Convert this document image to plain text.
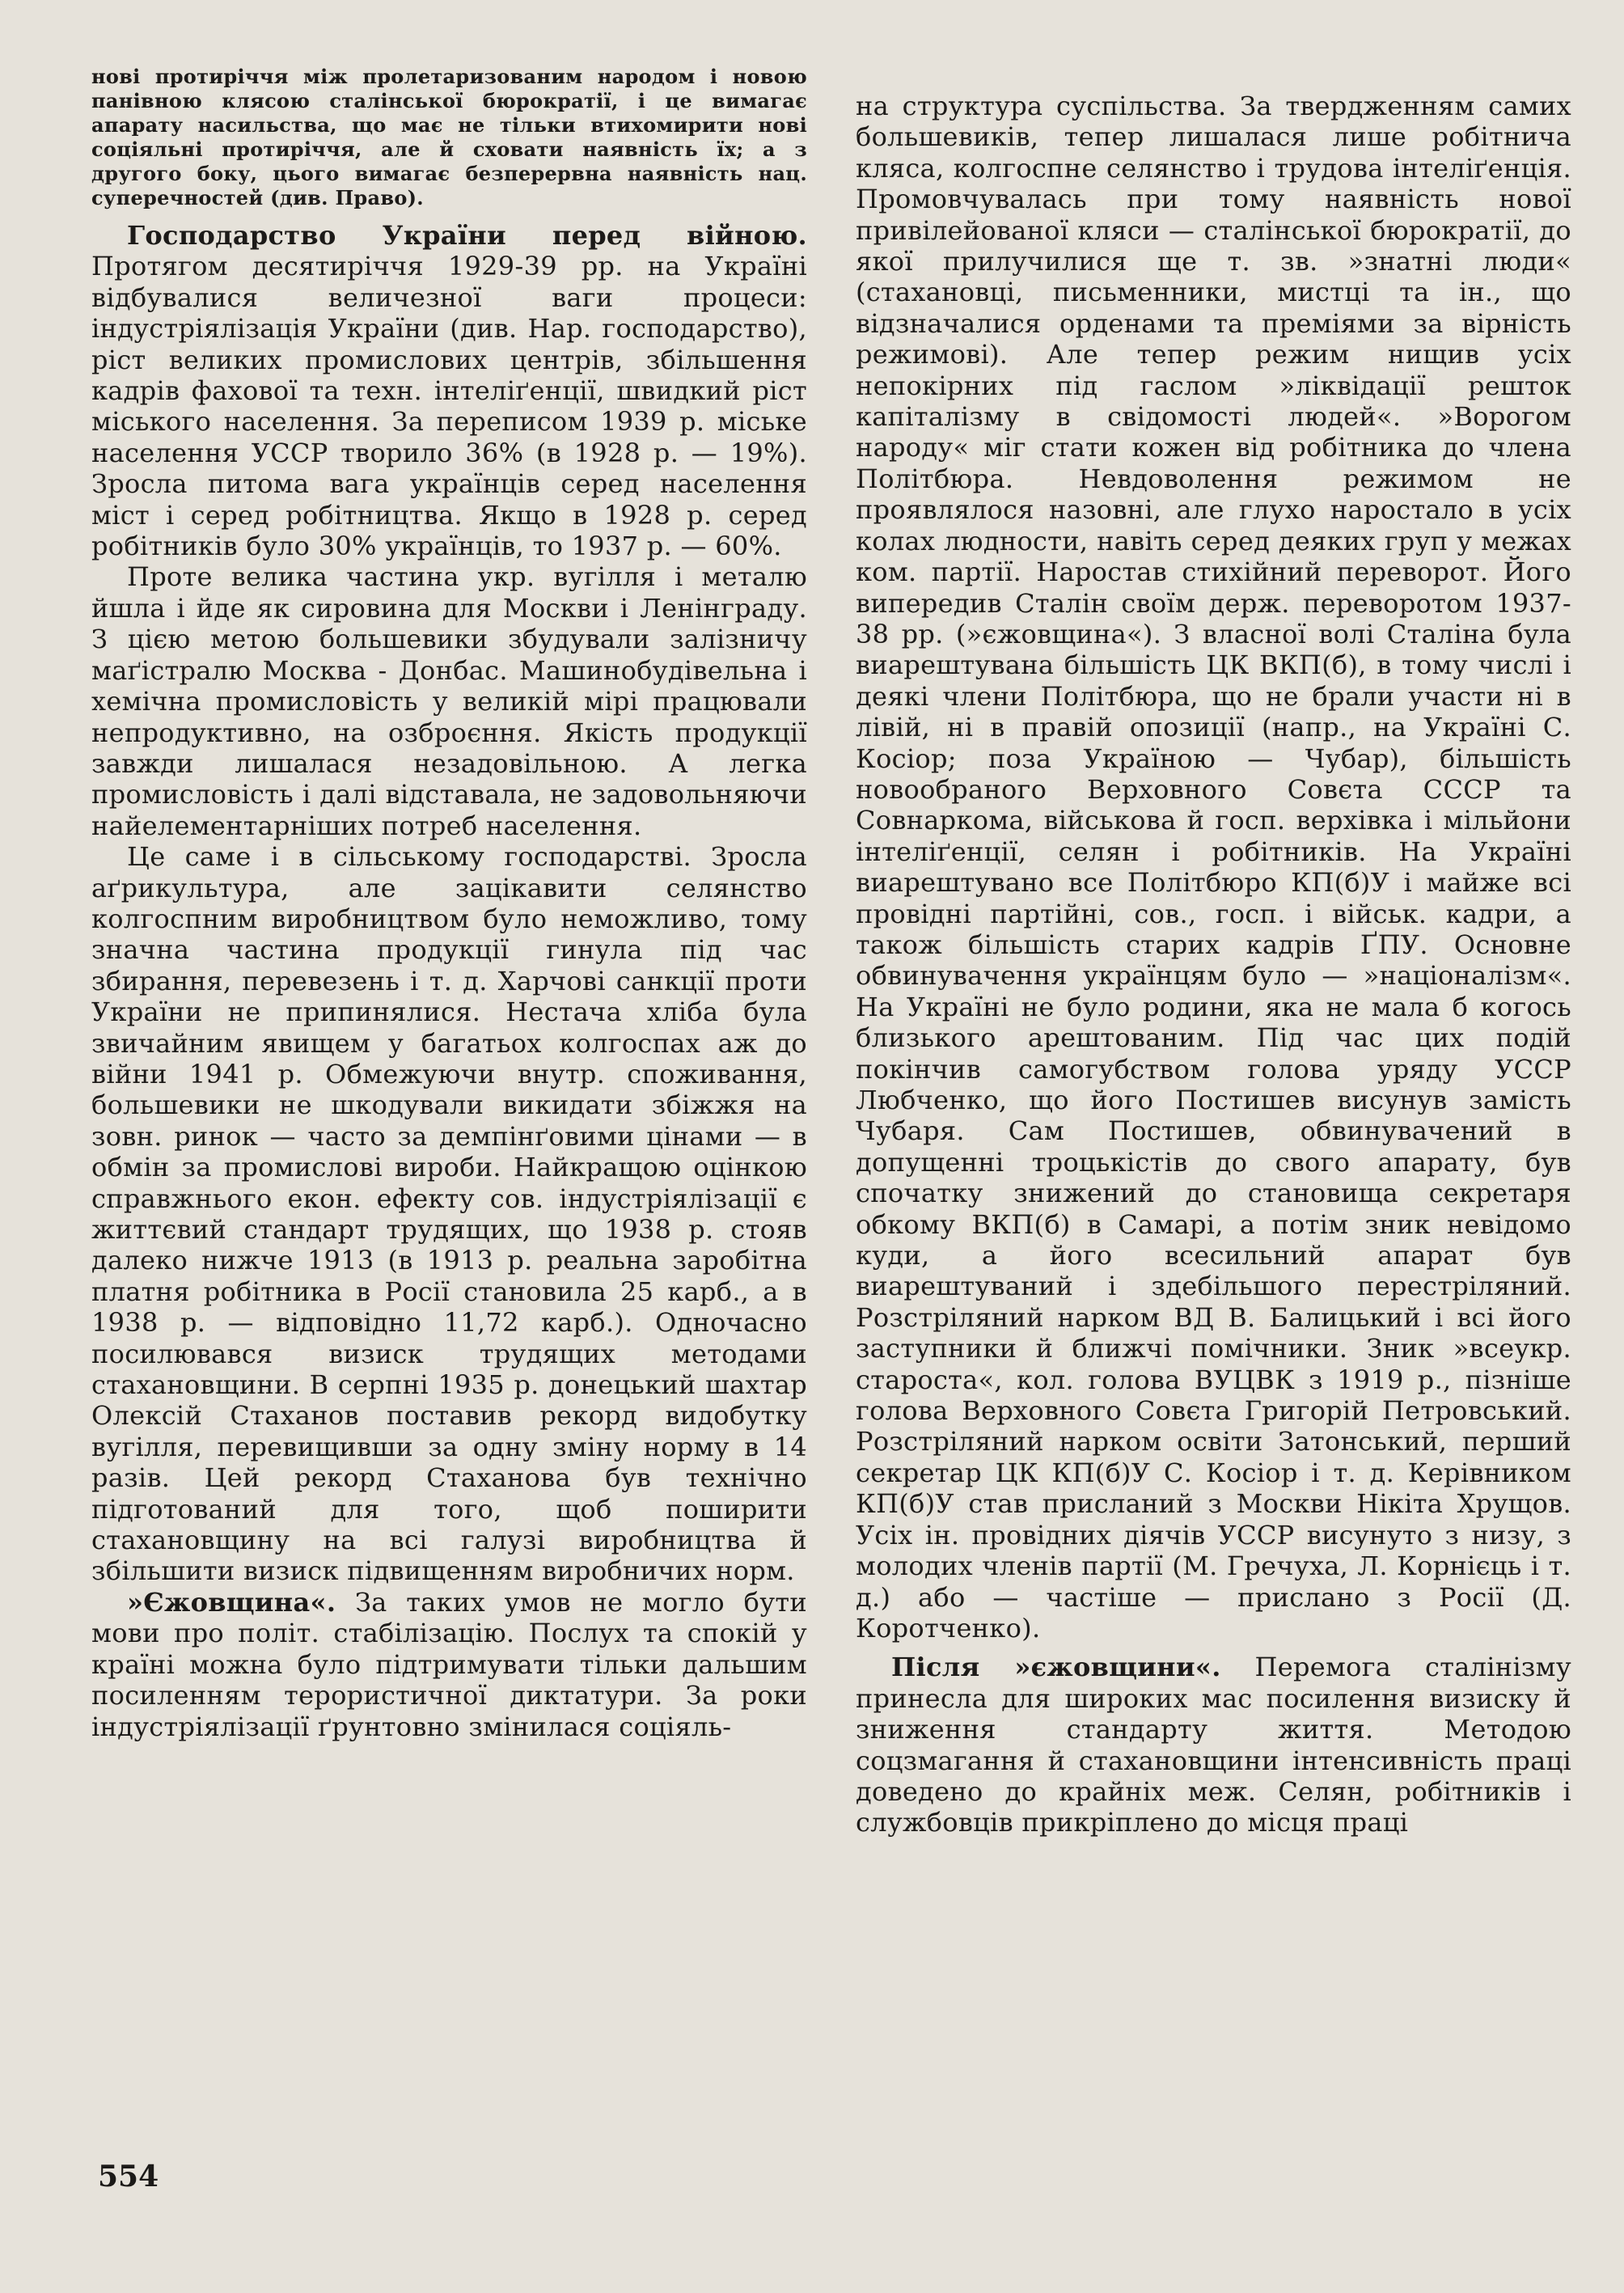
нові протиріччя між пролетаризованим народом і новою панівною клясою сталінської бюрократії, і це вимагає апарату насильства, що має не тільки втихомирити нові соціяльні протиріччя, але й сховати наявність їх; а з другого боку, цього вимагає безперервна наявність нац. суперечностей (див. Право).

Господарство України перед війною. Протягом десятиріччя 1929-39 рр. на Україні відбувалися величезної ваги процеси: індустріялізація України (див. Нар. господарство), ріст великих промислових центрів, збільшення кадрів фахової та техн. інтеліґенції, швидкий ріст міського населення. За переписом 1939 р. міське населення УССР творило 36% (в 1928 р. — 19%). Зросла питома вага українців серед населення міст і серед робітництва. Якщо в 1928 р. серед робітників було 30% українців, то 1937 р. — 60%.

Проте велика частина укр. вугілля і металю йшла і йде як сировина для Москви і Ленінграду. З цією метою большевики збудували залізничу маґістралю Москва - Донбас. Машинобудівельна і хемічна промисловість у великій мірі працювали непродуктивно, на озброєння. Якість продукції завжди лишалася незадовільною. А легка промисловість і далі відставала, не задовольняючи найелементарніших потреб населення.

Це саме і в сільському господарстві. Зросла аґрикультура, але зацікавити селянство колгоспним виробництвом було неможливо, тому значна частина продукції гинула під час збирання, перевезень і т. д. Харчові санкції проти України не припинялися. Нестача хліба була звичайним явищем у багатьох колгоспах аж до війни 1941 р. Обмежуючи внутр. споживання, большевики не шкодували викидати збіжжя на зовн. ринок — часто за демпінґовими цінами — в обмін за промислові вироби. Найкращою оцінкою справжнього екон. ефекту сов. індустріялізації є життєвий стандарт трудящих, що 1938 р. стояв далеко нижче 1913 (в 1913 р. реальна заробітна платня робітника в Росії становила 25 карб., а в 1938 р. — відповідно 11,72 карб.). Одночасно посилювався визиск трудящих методами стахановщини. В серпні 1935 р. донецький шахтар Олексій Стаханов поставив рекорд видобутку вугілля, перевищивши за одну зміну норму в 14 разів. Цей рекорд Стаханова був технічно підготований для того, щоб поширити стахановщину на всі галузі виробництва й збільшити визиск підвищенням виробничих норм.

»Єжовщина«. За таких умов не могло бути мови про політ. стабілізацію. Послух та спокій у країні можна було підтримувати тільки дальшим посиленням терористичної диктатури. За роки індустріялізації ґрунтовно змінилася соціяль-

на структура суспільства. За твердженням самих большевиків, тепер лишалася лише робітнича кляса, колгоспне селянство і трудова інтеліґенція. Промовчувалась при тому наявність нової привілейованої кляси — сталінської бюрократії, до якої прилучилися ще т. зв. »знатні люди« (стахановці, письменники, мистці та ін., що відзначалися орденами та преміями за вірність режимові). Але тепер режим нищив усіх непокірних під гаслом »ліквідації решток капіталізму в свідомості людей«. »Ворогом народу« міг стати кожен від робітника до члена Політбюра. Невдоволення режимом не проявлялося назовні, але глухо наростало в усіх колах людности, навіть серед деяких груп у межах ком. партії. Наростав стихійний переворот. Його випередив Сталін своїм держ. переворотом 1937-38 рр. (»єжовщина«). З власної волі Сталіна була виарештувана більшість ЦК ВКП(б), в тому числі і деякі члени Політбюра, що не брали участи ні в лівій, ні в правій опозиції (напр., на Україні С. Косіор; поза Україною — Чубар), більшість новообраного Верховного Совєта СССР та Совнаркома, військова й госп. верхівка і мільйони інтеліґенції, селян і робітників. На Україні виарештувано все Політбюро КП(б)У і майже всі провідні партійні, сов., госп. і військ. кадри, а також більшість старих кадрів ҐПУ. Основне обвинувачення українцям було — »націоналізм«. На Україні не було родини, яка не мала б когось близького арештованим. Під час цих подій покінчив самогубством голова уряду УССР Любченко, що його Постишев висунув замість Чубаря. Сам Постишев, обвинувачений в допущенні троцькістів до свого апарату, був спочатку знижений до становища секретаря обкому ВКП(б) в Самарі, а потім зник невідомо куди, а його всесильний апарат був виарештуваний і здебільшого перестріляний. Розстріляний нарком ВД В. Балицький і всі його заступники й ближчі помічники. Зник »всеукр. староста«, кол. голова ВУЦВК з 1919 р., пізніше голова Верховного Совєта Григорій Петровський. Розстріляний нарком освіти Затонський, перший секретар ЦК КП(б)У С. Косіор і т. д. Керівником КП(б)У став присланий з Москви Нікіта Хрущов. Усіх ін. провідних діячів УССР висунуто з низу, з молодих членів партії (М. Гречуха, Л. Корнієць і т. д.) або — частіше — прислано з Росії (Д. Коротченко).

Після »єжовщини«. Перемога сталінізму принесла для широких мас посилення визиску й зниження стандарту життя. Методою соцзмагання й стахановщини інтенсивність праці доведено до крайніх меж. Селян, робітників і службовців прикріплено до місця праці

554
